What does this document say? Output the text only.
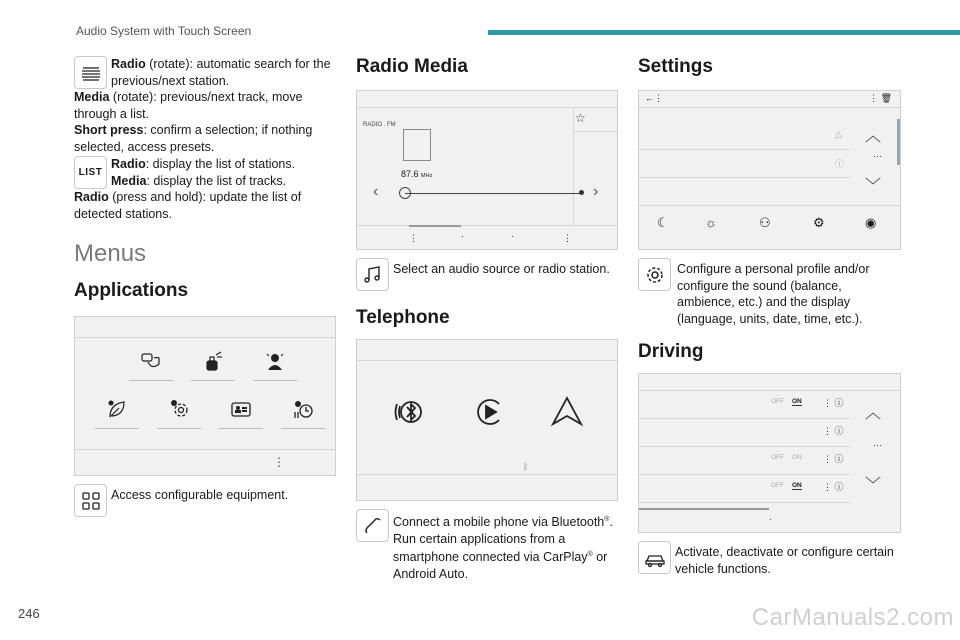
Audio System with Touch Screen
Radio (rotate): automatic search for the previous/next station.
Media (rotate): previous/next track, move through a list.
Short press: confirm a selection; if nothing selected, access presets.
LIST
Radio: display the list of stations.
Media: display the list of tracks.
Radio (press and hold): update the list of detected stations.
Menus
Applications
⋮
Access configurable equipment.
Radio Media
RADIO . FM
87.6 MHz
‹	›
☆
⋮	·	·	⋮
Select an audio source or radio station.
Telephone
ᛒ
Connect a mobile phone via Bluetooth®. Run certain applications from a smartphone connected via CarPlay® or Android Auto.
Settings
←⋮	⋮ 🗑
△
ⓘ
︿
···
﹀
☾	☼	⚇	⚙	◉
Configure a personal profile and/or configure the sound (balance, ambience, etc.) and the display (language, units, date, time, etc.).
Driving
OFF ON
OFF ON
OFF ON
⋮ ⓘ
⋮ ⓘ
⋮ ⓘ
⋮ ⓘ
︿
···
﹀
·
Activate, deactivate or configure certain vehicle functions.
246	CarManuals2.com
